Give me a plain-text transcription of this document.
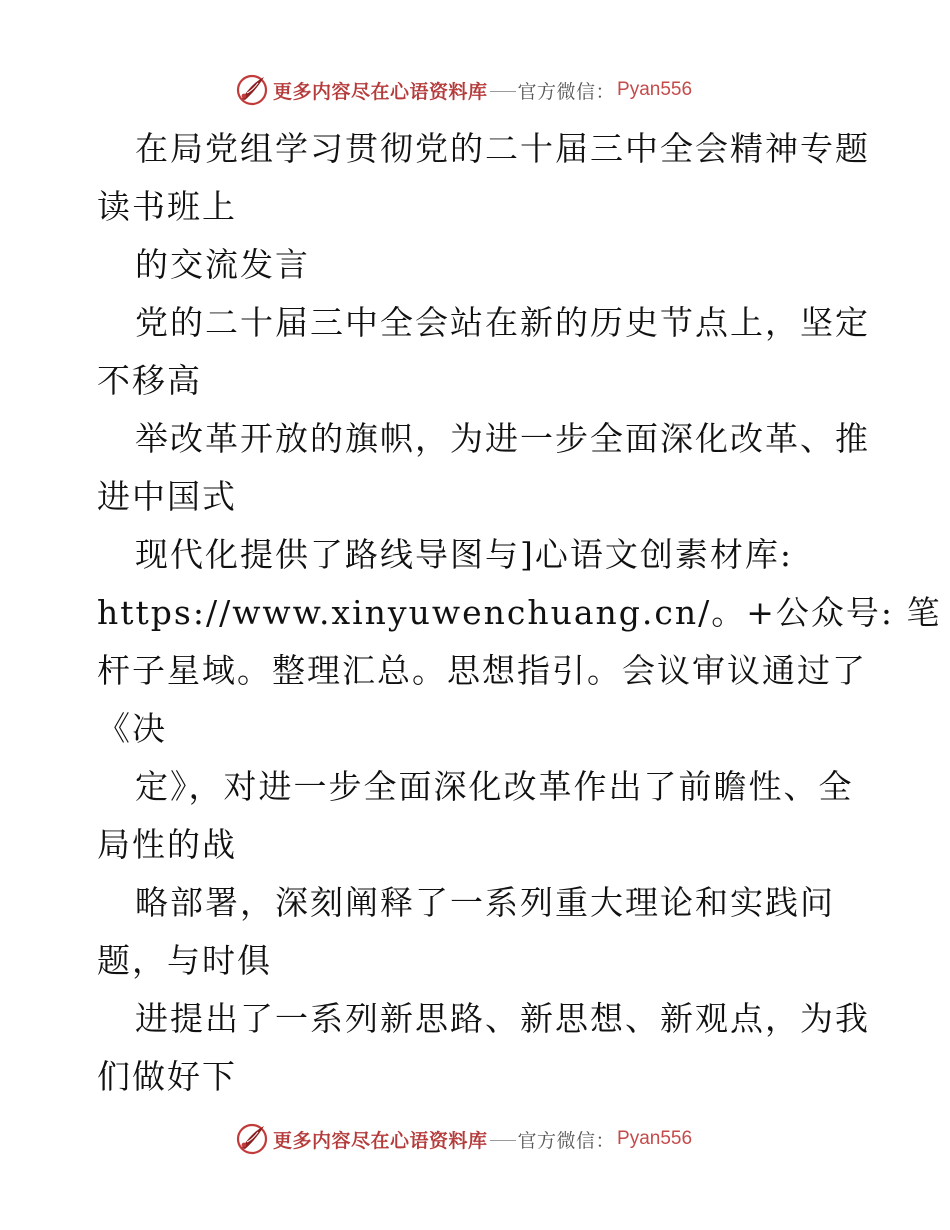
更多内容尽在心语资料库 官方微信： Pyan556
在局党组学习贯彻党的二十届三中全会精神专题
读书班上
的交流发言
党的二十届三中全会站在新的历史节点上，坚定
不移高
举改革开放的旗帜，为进一步全面深化改革、推
进中国式
现代化提供了路线导图与]心语文创素材库:
https://www.xinyuwenchuang.cn/。+公众号: 笔
杆子星域。整理汇总。思想指引。会议审议通过了
《决
定》，对进一步全面深化改革作出了前瞻性、全
局性的战
略部署，深刻阐释了一系列重大理论和实践问
题，与时俱
进提出了一系列新思路、新思想、新观点，为我
们做好下
更多内容尽在心语资料库 官方微信： Pyan556
